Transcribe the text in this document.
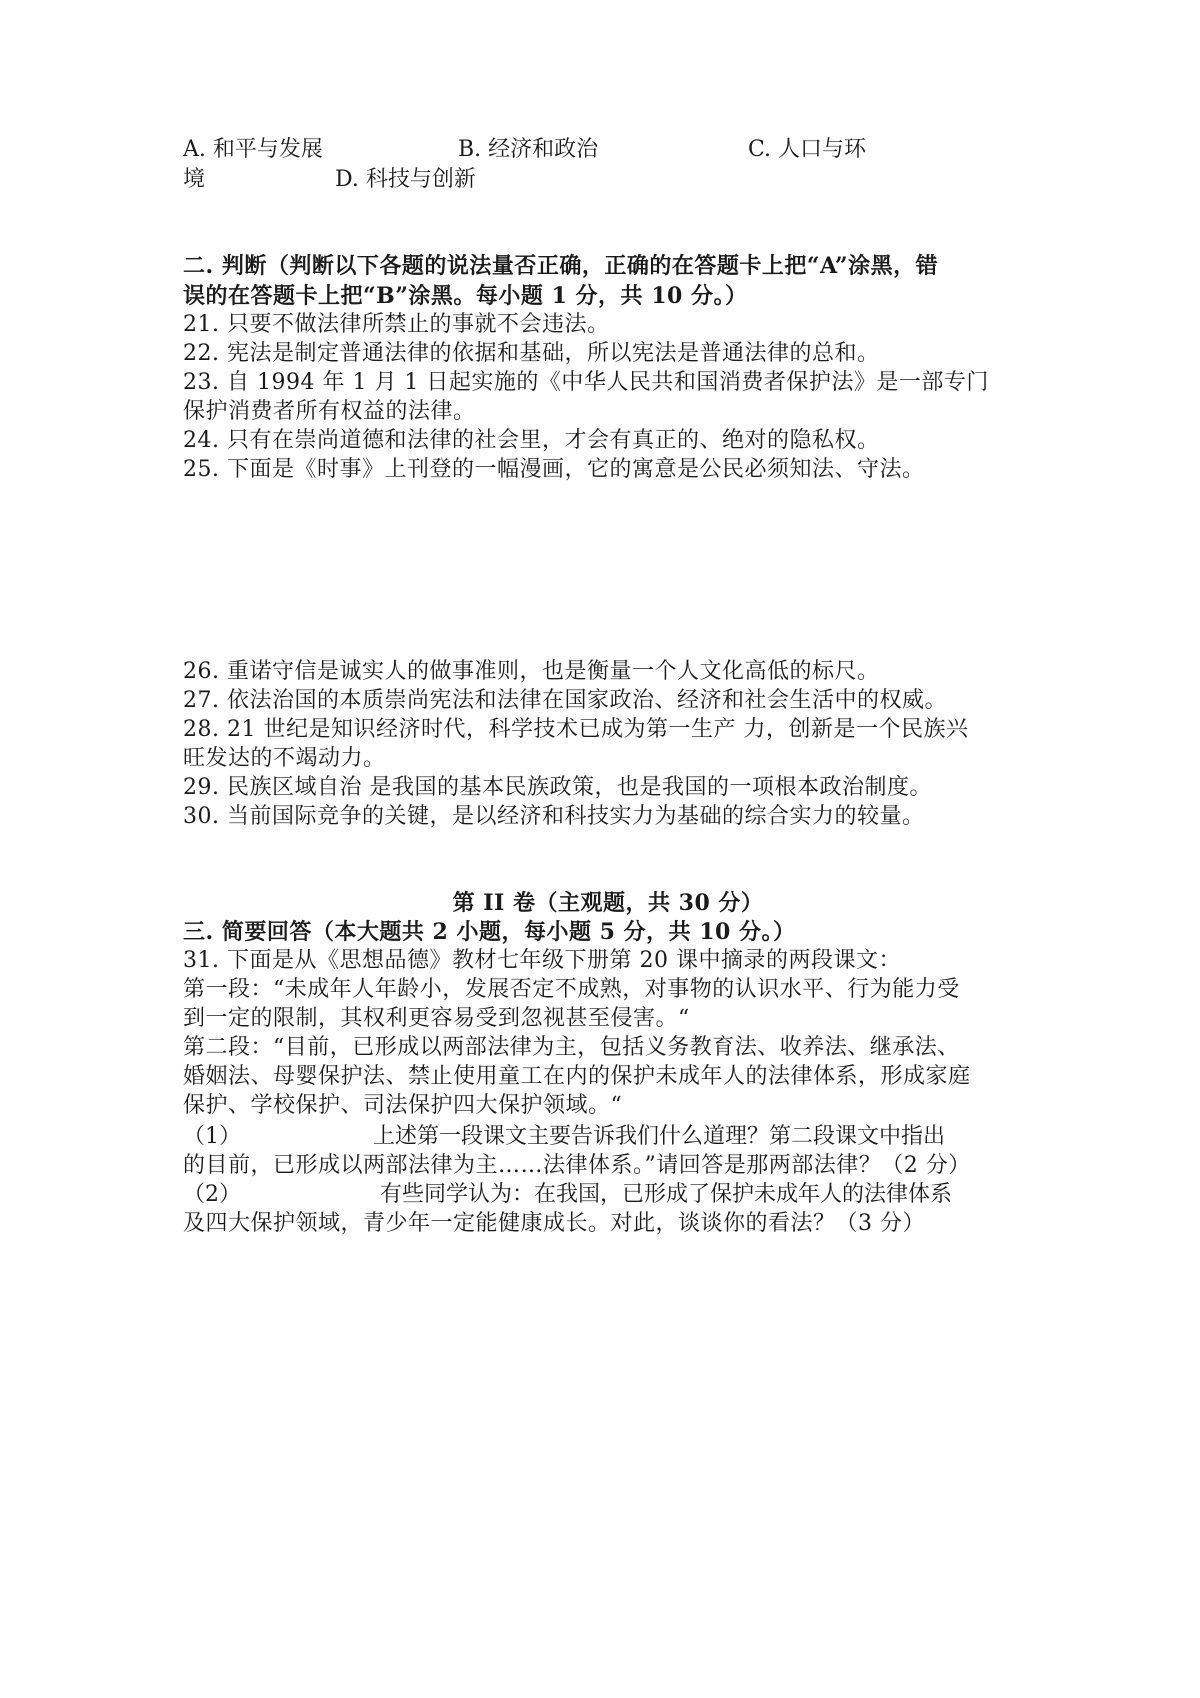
A. 和平与发展	B. 经济和政治	C. 人口与环
境	D. 科技与创新
二. 判断（判断以下各题的说法量否正确，正确的在答题卡上把“A”涂黑，错
误的在答题卡上把“B”涂黑。每小题 1 分，共 10 分。）
21. 只要不做法律所禁止的事就不会违法。
22. 宪法是制定普通法律的依据和基础，所以宪法是普通法律的总和。
23. 自 1994 年 1 月 1 日起实施的《中华人民共和国消费者保护法》是一部专门
保护消费者所有权益的法律。
24. 只有在崇尚道德和法律的社会里，才会有真正的、绝对的隐私权。
25. 下面是《时事》上刊登的一幅漫画，它的寓意是公民必须知法、守法。
26. 重诺守信是诚实人的做事准则，也是衡量一个人文化高低的标尺。
27. 依法治国的本质崇尚宪法和法律在国家政治、经济和社会生活中的权威。
28. 21 世纪是知识经济时代，科学技术已成为第一生产 力，创新是一个民族兴
旺发达的不竭动力。
29. 民族区域自治 是我国的基本民族政策，也是我国的一项根本政治制度。
30. 当前国际竞争的关键，是以经济和科技实力为基础的综合实力的较量。
第 II 卷（主观题，共 30 分）
三. 简要回答（本大题共 2 小题，每小题 5 分，共 10 分。）
31. 下面是从《思想品德》教材七年级下册第 20 课中摘录的两段课文：
第一段：“未成年人年龄小，发展否定不成熟，对事物的认识水平、行为能力受
到一定的限制，其权利更容易受到忽视甚至侵害。“
第二段：“目前，已形成以两部法律为主，包括义务教育法、收养法、继承法、
婚姻法、母婴保护法、禁止使用童工在内的保护未成年人的法律体系，形成家庭
保护、学校保护、司法保护四大保护领域。“
（1）	上述第一段课文主要告诉我们什么道理？第二段课文中指出
的目前，已形成以两部法律为主……法律体系。”请回答是那两部法律？（2 分）
（2）	有些同学认为：在我国，已形成了保护未成年人的法律体系
及四大保护领域，青少年一定能健康成长。对此，谈谈你的看法？（3 分）
